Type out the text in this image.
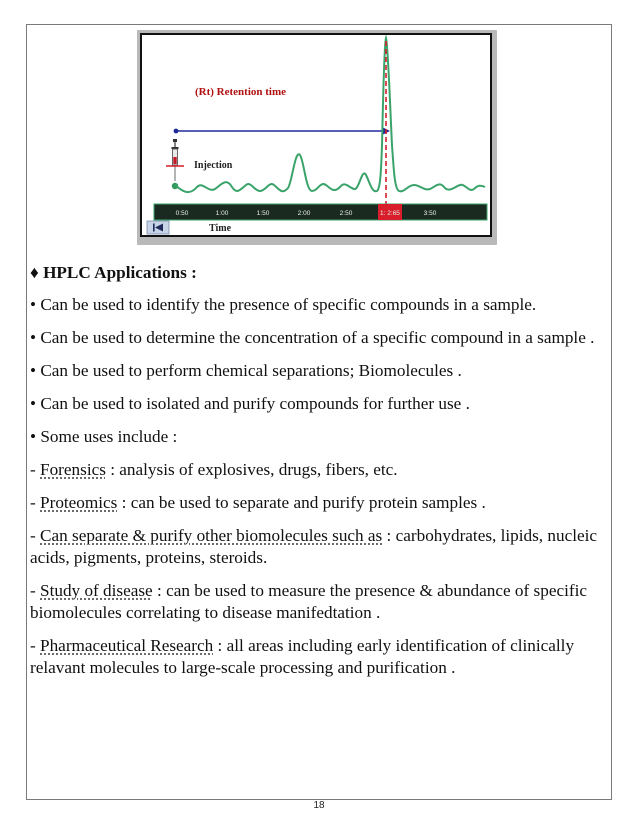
(Rt) Retention time
Injection
0:50	1:00	1:50	2:00	2:50	1: 2:65	3:50
Time

♦ HPLC Applications :

• Can be used to identify the presence of specific compounds in a sample.

• Can be used to determine the concentration of a specific compound in a sample .

• Can be used to perform chemical separations; Biomolecules .

• Can be used to isolated and purify compounds for further use .

• Some uses include :

- Forensics : analysis of explosives, drugs, fibers, etc.

- Proteomics : can be used to separate and purify protein samples .

- Can separate & purify other biomolecules such as : carbohydrates, lipids, nucleic acids, pigments, proteins, steroids.

- Study of disease : can be used to measure the presence & abundance of specific biomolecules correlating to disease manifedtation .

- Pharmaceutical Research : all areas including early identification of clinically relavant molecules to large-scale processing and purification .

18
